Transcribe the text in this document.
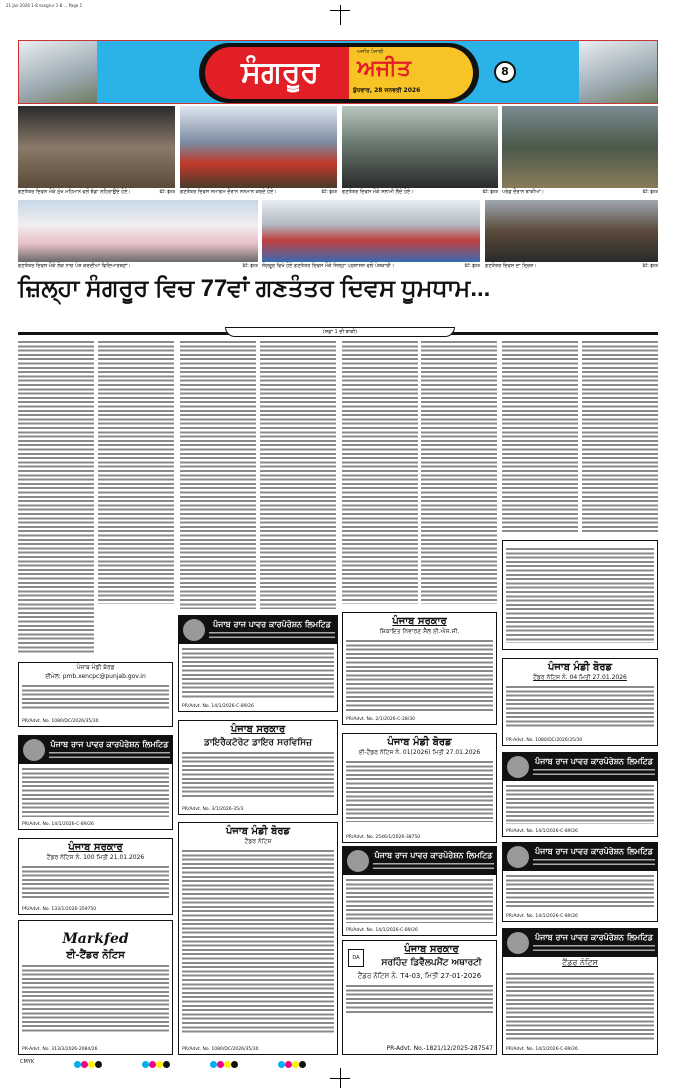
21 Jan 2026 1-8 sangrur 1-8 ... Page 1
ਸੰਗਰੂਰ
ਅਜੀਤ ਪੰਜਾਬੀ
ਅਜੀਤ
ਬੁੱਧਵਾਰ, 28 ਜਨਵਰੀ 2026
8
ਗਣਤੰਤਰ ਦਿਵਸ ਮੌਕੇ ਮੁੱਖ ਮਹਿਮਾਨ ਵਲੋਂ ਝੰਡਾ ਲਹਿਰਾਉਂਦੇ ਹੋਏ।	ਫੋਟੋ: ਭੁੱਲਰ ਗਣਤੰਤਰ ਦਿਵਸ ਸਮਾਗਮ ਦੌਰਾਨ ਸਨਮਾਨ ਕਰਦੇ ਹੋਏ।	ਫੋਟੋ: ਭੁੱਲਰ ਗਣਤੰਤਰ ਦਿਵਸ ਮੌਕੇ ਸਲਾਮੀ ਲੈਂਦੇ ਹੋਏ।	ਫੋਟੋ: ਭੁੱਲਰ ਪਰੇਡ ਦੌਰਾਨ ਝਾਕੀਆਂ।	ਫੋਟੋ: ਭੁੱਲਰ
ਗਣਤੰਤਰ ਦਿਵਸ ਮੌਕੇ ਲੋਕ ਨਾਚ ਪੇਸ਼ ਕਰਦੀਆਂ ਵਿਦਿਆਰਥਣਾਂ।	ਫੋਟੋ: ਭੁੱਲਰ ਸੰਗਰੂਰ ਵਿਖੇ ਹੋਏ ਗਣਤੰਤਰ ਦਿਵਸ ਮੌਕੇ ਜ਼ਿਲ੍ਹਾ ਪ੍ਰਸ਼ਾਸਨ ਵਲੋਂ ਪੇਸ਼ਕਾਰੀ।	ਫੋਟੋ: ਭੁੱਲਰ ਗਣਤੰਤਰ ਦਿਵਸ ਦਾ ਦ੍ਰਿਸ਼।	ਫੋਟੋ: ਭੁੱਲਰ
ਜ਼ਿਲ੍ਹਾ ਸੰਗਰੂਰ ਵਿਚ 77ਵਾਂ ਗਣਤੰਤਰ ਦਿਵਸ ਧੂਮਧਾਮ...
(ਸਫ਼ਾ 1 ਦੀ ਬਾਕੀ)
ਪੰਜਾਬ ਮੰਡੀ ਬੋਰਡ
ਈਮੇਲ: pmb.xencpc@punjab.gov.in
PR/Advt. No. 1080/DC/2026/35/30
ਪੰਜਾਬ ਰਾਜ ਪਾਵਰ ਕਾਰਪੋਰੇਸ਼ਨ ਲਿਮਟਿਡ
PR/Advt. No. 14/1/2026-C-89/26
ਪੰਜਾਬ ਸਰਕਾਰ
ਟੈਂਡਰ ਨੋਟਿਸ ਨੰ. 100 ਮਿਤੀ 21.01.2026
PR/Advt. No. 133/1/2026-359750
Markfed
ਈ-ਟੈਂਡਰ ਨੋਟਿਸ
PR-Advt. No. 313/3/2026-2084/26
ਪੰਜਾਬ ਰਾਜ ਪਾਵਰ ਕਾਰਪੋਰੇਸ਼ਨ ਲਿਮਟਿਡ
PR/Advt. No. 14/1/2026-C-89/26
ਪੰਜਾਬ ਸਰਕਾਰ
ਡਾਇਰੈਕਟੋਰੇਟ ਡਾਇਰ ਸਰਵਿਸਿਜ਼
PR/Advt. No. 3/1/2026-35/3
ਪੰਜਾਬ ਮੰਡੀ ਬੋਰਡ
ਟੈਂਡਰ ਨੋਟਿਸ
PR/Advt. No. 1080/DC/2026/35/30
ਪੰਜਾਬ ਸਰਕਾਰ
ਸ਼ਿਕਾਇਤ ਨਿਵਾਰਣ ਸੈੱਲ ਈ.ਐਸ.ਸੀ.
PR/Advt. No. 2/1/2026-C-28/30
ਪੰਜਾਬ ਮੰਡੀ ਬੋਰਡ
ਈ-ਟੈਂਡਰ ਨੋਟਿਸ ਨੰ. 01(2026) ਮਿਤੀ 27.01.2026
PR/Advt. No. 2546/1/2026-38750
ਪੰਜਾਬ ਰਾਜ ਪਾਵਰ ਕਾਰਪੋਰੇਸ਼ਨ ਲਿਮਟਿਡ
PR/Advt. No. 14/1/2026-C-89/26
DA
ਪੰਜਾਬ ਸਰਕਾਰ
ਸਰਹਿੰਦ ਡਿਵੈੱਲਪਮੈਂਟ ਅਥਾਰਟੀ
ਟੈਂਡਰ ਨੋਟਿਸ ਨੰ. T4-03, ਮਿਤੀ 27-01-2026
PR-Advt. No.-1821/12/2025-287547
ਪੰਜਾਬ ਮੰਡੀ ਬੋਰਡ
ਟੈਂਡਰ ਨੋਟਿਸ ਨੰ. 04 ਮਿਤੀ 27.01.2026
PR-Advt. No. 1080/DC/2026/35/30
ਪੰਜਾਬ ਰਾਜ ਪਾਵਰ ਕਾਰਪੋਰੇਸ਼ਨ ਲਿਮਟਿਡ
PR/Advt. No. 14/1/2026-C-89/26
ਪੰਜਾਬ ਰਾਜ ਪਾਵਰ ਕਾਰਪੋਰੇਸ਼ਨ ਲਿਮਟਿਡ
PR/Advt. No. 14/1/2026-C-89/26
ਪੰਜਾਬ ਰਾਜ ਪਾਵਰ ਕਾਰਪੋਰੇਸ਼ਨ ਲਿਮਟਿਡ
ਟੈਂਡਰ ਨੋਟਿਸ
PR/Advt. No. 14/1/2026-C-89/26
CMYK
